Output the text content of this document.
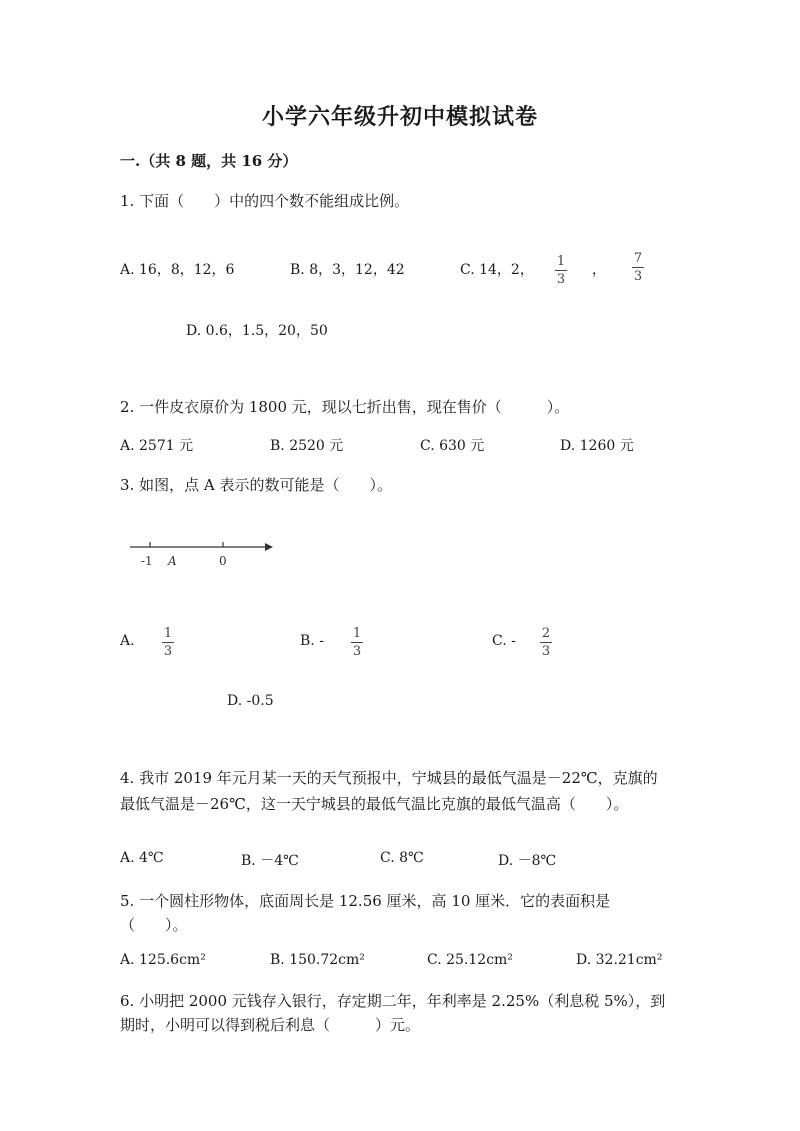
小学六年级升初中模拟试卷
一.（共 8 题，共 16 分）
1. 下面（　　）中的四个数不能组成比例。
A. 16，8，12，6	B. 8，3，12，42	C. 14，2，
1
3
，
7
3
D. 0.6，1.5，20，50
2. 一件皮衣原价为 1800 元，现以七折出售，现在售价（　　　）。
A. 2571 元	B. 2520 元	C. 630 元	D. 1260 元
3. 如图，点 A 表示的数可能是（　　）。
-1 A	0
A. 1
3
B. - 1
3
C. - 2
3
D. -0.5
4. 我市 2019 年元月某一天的天气预报中，宁城县的最低气温是－22℃，克旗的
最低气温是－26℃，这一天宁城县的最低气温比克旗的最低气温高（　　）。
A. 4℃	B. －4℃	C. 8℃	D. －8℃
5. 一个圆柱形物体，底面周长是 12.56 厘米，高 10 厘米．它的表面积是
（　　）。
A. 125.6cm²	B. 150.72cm²	C. 25.12cm²	D. 32.21cm²
6. 小明把 2000 元钱存入银行，存定期二年，年利率是 2.25%（利息税 5%），到
期时，小明可以得到税后利息（　　　）元。
